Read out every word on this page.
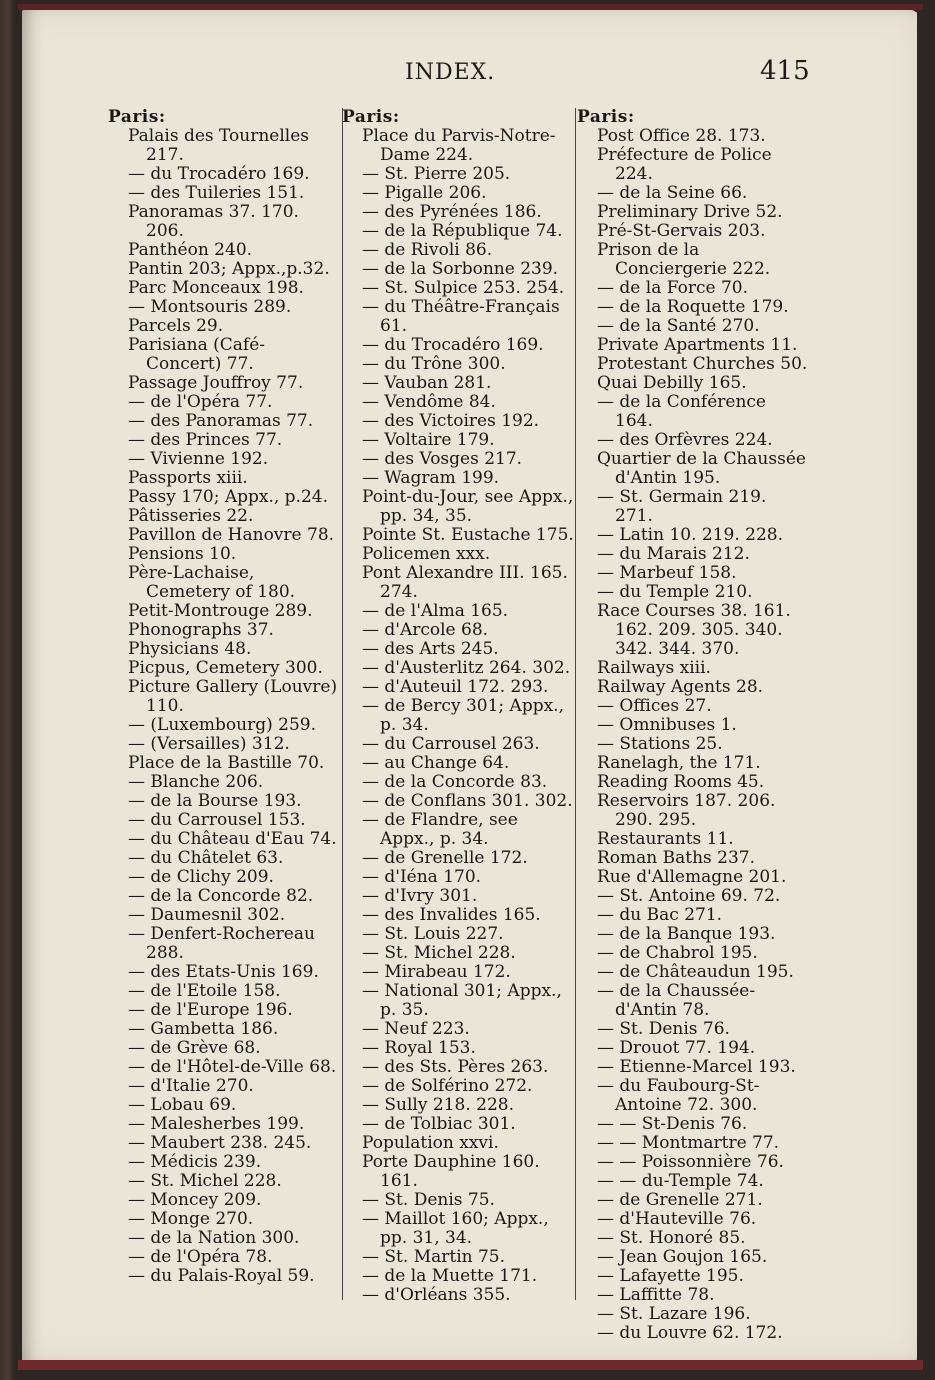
INDEX.	415
Paris:
Palais des Tournelles 217.
— du Trocadéro 169.
— des Tuileries 151.
Panoramas 37. 170. 206.
Panthéon 240.
Pantin 203; Appx.,p.32.
Parc Monceaux 198.
— Montsouris 289.
Parcels 29.
Parisiana (Café-Concert) 77.
Passage Jouffroy 77.
— de l'Opéra 77.
— des Panoramas 77.
— des Princes 77.
— Vivienne 192.
Passports xiii.
Passy 170; Appx., p.24.
Pâtisseries 22.
Pavillon de Hanovre 78.
Pensions 10.
Père-Lachaise, Cemetery of 180.
Petit-Montrouge 289.
Phonographs 37.
Physicians 48.
Picpus, Cemetery 300.
Picture Gallery (Louvre) 110.
— (Luxembourg) 259.
— (Versailles) 312.
Place de la Bastille 70.
— Blanche 206.
— de la Bourse 193.
— du Carrousel 153.
— du Château d'Eau 74.
— du Châtelet 63.
— de Clichy 209.
— de la Concorde 82.
— Daumesnil 302.
— Denfert-Rochereau 288.
— des Etats-Unis 169.
— de l'Etoile 158.
— de l'Europe 196.
— Gambetta 186.
— de Grève 68.
— de l'Hôtel-de-Ville 68.
— d'Italie 270.
— Lobau 69.
— Malesherbes 199.
— Maubert 238. 245.
— Médicis 239.
— St. Michel 228.
— Moncey 209.
— Monge 270.
— de la Nation 300.
— de l'Opéra 78.
— du Palais-Royal 59.
Paris:
Place du Parvis-Notre-Dame 224.
— St. Pierre 205.
— Pigalle 206.
— des Pyrénées 186.
— de la République 74.
— de Rivoli 86.
— de la Sorbonne 239.
— St. Sulpice 253. 254.
— du Théâtre-Français 61.
— du Trocadéro 169.
— du Trône 300.
— Vauban 281.
— Vendôme 84.
— des Victoires 192.
— Voltaire 179.
— des Vosges 217.
— Wagram 199.
Point-du-Jour, see Appx., pp. 34, 35.
Pointe St. Eustache 175.
Policemen xxx.
Pont Alexandre III. 165. 274.
— de l'Alma 165.
— d'Arcole 68.
— des Arts 245.
— d'Austerlitz 264. 302.
— d'Auteuil 172. 293.
— de Bercy 301; Appx., p. 34.
— du Carrousel 263.
— au Change 64.
— de la Concorde 83.
— de Conflans 301. 302.
— de Flandre, see Appx., p. 34.
— de Grenelle 172.
— d'Iéna 170.
— d'Ivry 301.
— des Invalides 165.
— St. Louis 227.
— St. Michel 228.
— Mirabeau 172.
— National 301; Appx., p. 35.
— Neuf 223.
— Royal 153.
— des Sts. Pères 263.
— de Solférino 272.
— Sully 218. 228.
— de Tolbiac 301.
Population xxvi.
Porte Dauphine 160. 161.
— St. Denis 75.
— Maillot 160; Appx., pp. 31, 34.
— St. Martin 75.
— de la Muette 171.
— d'Orléans 355.
Paris:
Post Office 28. 173.
Préfecture de Police 224.
— de la Seine 66.
Preliminary Drive 52.
Pré-St-Gervais 203.
Prison de la Conciergerie 222.
— de la Force 70.
— de la Roquette 179.
— de la Santé 270.
Private Apartments 11.
Protestant Churches 50.
Quai Debilly 165.
— de la Conférence 164.
— des Orfèvres 224.
Quartier de la Chaussée d'Antin 195.
— St. Germain 219. 271.
— Latin 10. 219. 228.
— du Marais 212.
— Marbeuf 158.
— du Temple 210.
Race Courses 38. 161. 162. 209. 305. 340. 342. 344. 370.
Railways xiii.
Railway Agents 28.
— Offices 27.
— Omnibuses 1.
— Stations 25.
Ranelagh, the 171.
Reading Rooms 45.
Reservoirs 187. 206. 290. 295.
Restaurants 11.
Roman Baths 237.
Rue d'Allemagne 201.
— St. Antoine 69. 72.
— du Bac 271.
— de la Banque 193.
— de Chabrol 195.
— de Châteaudun 195.
— de la Chaussée-d'Antin 78.
— St. Denis 76.
— Drouot 77. 194.
— Etienne-Marcel 193.
— du Faubourg-St-Antoine 72. 300.
— — St-Denis 76.
— — Montmartre 77.
— — Poissonnière 76.
— — du-Temple 74.
— de Grenelle 271.
— d'Hauteville 76.
— St. Honoré 85.
— Jean Goujon 165.
— Lafayette 195.
— Laffitte 78.
— St. Lazare 196.
— du Louvre 62. 172.
